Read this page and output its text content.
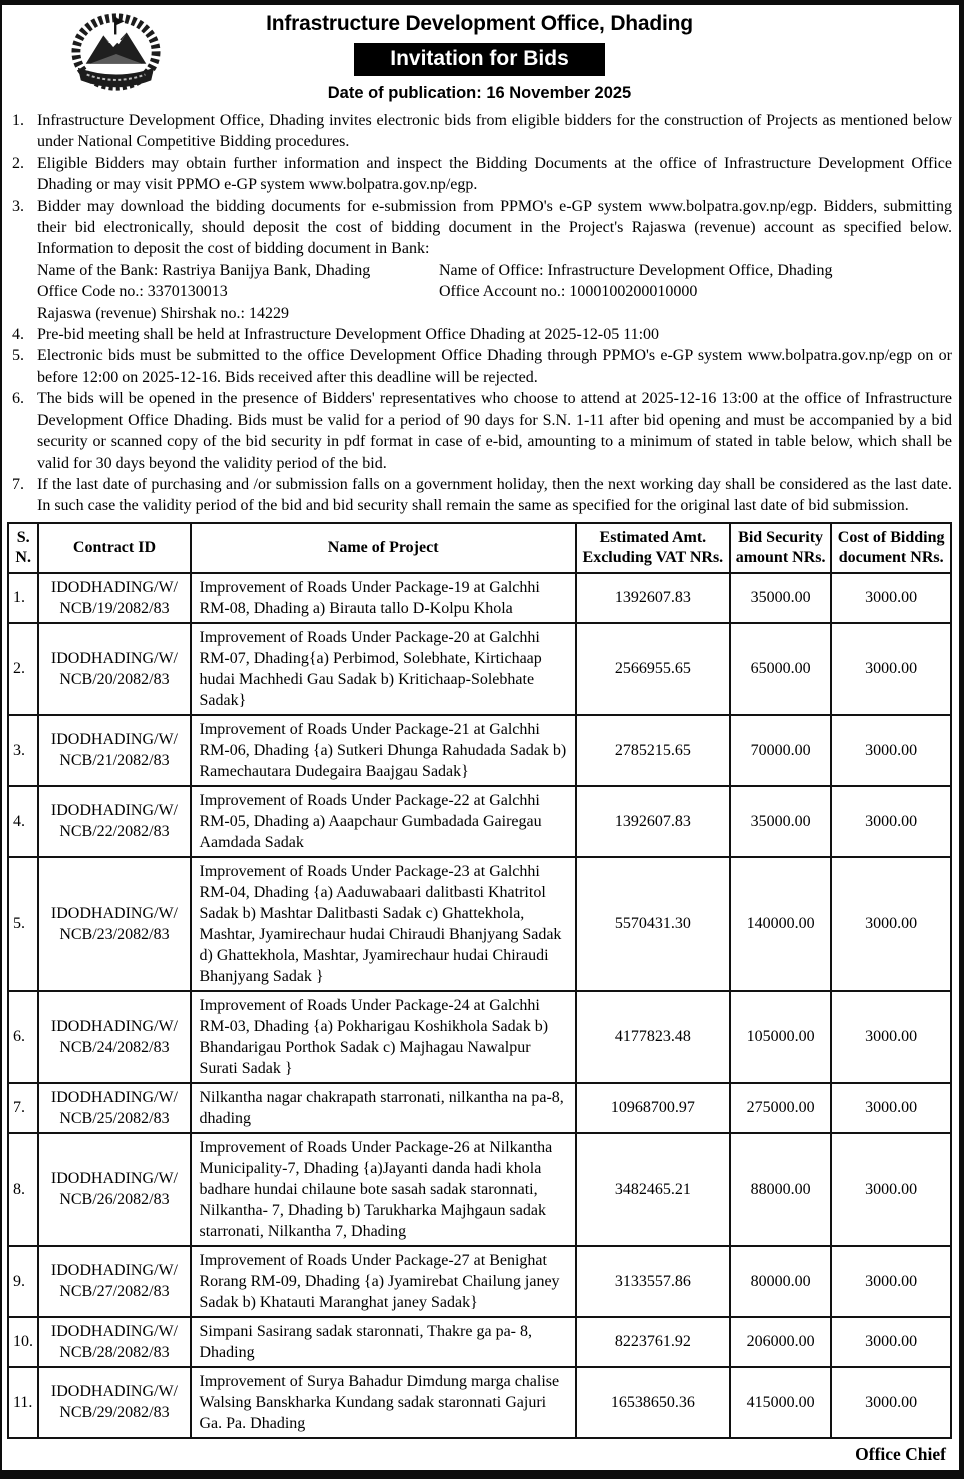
Infrastructure Development Office, Dhading
Invitation for Bids
Date of publication: 16 November 2025
1. Infrastructure Development Office, Dhading invites electronic bids from eligible bidders for the construction of Projects as mentioned below under National Competitive Bidding procedures.
2. Eligible Bidders may obtain further information and inspect the Bidding Documents at the office of Infrastructure Development Office Dhading or may visit PPMO e-GP system www.bolpatra.gov.np/egp.
3. Bidder may download the bidding documents for e-submission from PPMO's e-GP system www.bolpatra.gov.np/egp. Bidders, submitting their bid electronically, should deposit the cost of bidding document in the Project's Rajaswa (revenue) account as specified below. Information to deposit the cost of bidding document in Bank:
Name of the Bank: Rastriya Banijya Bank, Dhading	Name of Office: Infrastructure Development Office, Dhading
Office Code no.: 3370130013	Office Account no.: 1000100200010000
Rajaswa (revenue) Shirshak no.: 14229
4. Pre-bid meeting shall be held at Infrastructure Development Office Dhading at 2025-12-05 11:00
5. Electronic bids must be submitted to the office Development Office Dhading through PPMO's e-GP system www.bolpatra.gov.np/egp on or before 12:00 on 2025-12-16. Bids received after this deadline will be rejected.
6. The bids will be opened in the presence of Bidders' representatives who choose to attend at 2025-12-16 13:00 at the office of Infrastructure Development Office Dhading. Bids must be valid for a period of 90 days for S.N. 1-11 after bid opening and must be accompanied by a bid security or scanned copy of the bid security in pdf format in case of e-bid, amounting to a minimum of stated in table below, which shall be valid for 30 days beyond the validity period of the bid.
7. If the last date of purchasing and /or submission falls on a government holiday, then the next working day shall be considered as the last date. In such case the validity period of the bid and bid security shall remain the same as specified for the original last date of bid submission.
S. N.	Contract ID	Name of Project	Estimated Amt. Excluding VAT NRs.	Bid Security amount NRs.	Cost of Bidding document NRs.
1.	IDODHADING/W/ NCB/19/2082/83	Improvement of Roads Under Package-19 at Galchhi RM-08, Dhading a) Birauta tallo D-Kolpu Khola	1392607.83	35000.00	3000.00
2.	IDODHADING/W/ NCB/20/2082/83	Improvement of Roads Under Package-20 at Galchhi RM-07, Dhading{a) Perbimod, Solebhate, Kirtichaap hudai Machhedi Gau Sadak b) Kritichaap-Solebhate Sadak}	2566955.65	65000.00	3000.00
3.	IDODHADING/W/ NCB/21/2082/83	Improvement of Roads Under Package-21 at Galchhi RM-06, Dhading {a) Sutkeri Dhunga Rahudada Sadak b) Ramechautara Dudegaira Baajgau Sadak}	2785215.65	70000.00	3000.00
4.	IDODHADING/W/ NCB/22/2082/83	Improvement of Roads Under Package-22 at Galchhi RM-05, Dhading a) Aaapchaur Gumbadada Gairegau Aamdada Sadak	1392607.83	35000.00	3000.00
5.	IDODHADING/W/ NCB/23/2082/83	Improvement of Roads Under Package-23 at Galchhi RM-04, Dhading {a) Aaduwabaari dalitbasti Khatritol Sadak b) Mashtar Dalitbasti Sadak c) Ghattekhola, Mashtar, Jyamirechaur hudai Chiraudi Bhanjyang Sadak d) Ghattekhola, Mashtar, Jyamirechaur hudai Chiraudi Bhanjyang Sadak }	5570431.30	140000.00	3000.00
6.	IDODHADING/W/ NCB/24/2082/83	Improvement of Roads Under Package-24 at Galchhi RM-03, Dhading {a) Pokharigau Koshikhola Sadak b) Bhandarigau Porthok Sadak c) Majhagau Nawalpur Surati Sadak }	4177823.48	105000.00	3000.00
7.	IDODHADING/W/ NCB/25/2082/83	Nilkantha nagar chakrapath starronati, nilkantha na pa-8, dhading	10968700.97	275000.00	3000.00
8.	IDODHADING/W/ NCB/26/2082/83	Improvement of Roads Under Package-26 at Nilkantha Municipality-7, Dhading {a)Jayanti danda hadi khola badhare hundai chilaune bote sasah sadak staronnati, Nilkantha- 7, Dhading b) Tarukharka Majhgaun sadak starronati, Nilkantha 7, Dhading	3482465.21	88000.00	3000.00
9.	IDODHADING/W/ NCB/27/2082/83	Improvement of Roads Under Package-27 at Benighat Rorang RM-09, Dhading {a) Jyamirebat Chailung janey Sadak b) Khatauti Maranghat janey Sadak}	3133557.86	80000.00	3000.00
10.	IDODHADING/W/ NCB/28/2082/83	Simpani Sasirang sadak staronnati, Thakre ga pa- 8, Dhading	8223761.92	206000.00	3000.00
11.	IDODHADING/W/ NCB/29/2082/83	Improvement of Surya Bahadur Dimdung marga chalise Walsing Banskharka Kundang sadak staronnati Gajuri Ga. Pa. Dhading	16538650.36	415000.00	3000.00
Office Chief
